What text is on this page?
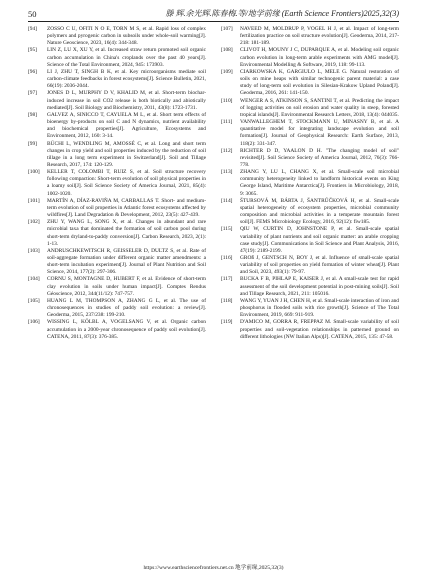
50	滕 辉.余光辉.陈春梅.等/地学前缘 (Earth Science Frontiers)2025,32(3)
[94] ZOSSO C U, OFITI N O E, TORN M S, et al. Rapid loss of complex polymers and pyrogenic carbon in subsoils under whole-soil warming[J]. Nature Geoscience, 2023, 16(4): 344-348.
[95] LIN Z, LU X, XU Y, et al. Increased straw return promoted soil organic carbon accumulation in China's croplands over the past 40 years[J]. Science of the Total Environment, 2024, 945: 173903.
[96] LI J, ZHU T, SINGH B K, et al. Key microorganisms mediate soil carbon-climate feedbacks in forest ecosystems[J]. Science Bulletin, 2021, 66(19): 2036-2044.
[97] JONES D L, MURPHY D V, KHALID M, et al. Short-term biochar-induced increase in soil CO2 release is both biotically and abiotically mediated[J]. Soil Biology and Biochemistry, 2011, 43(8): 1723-1731.
[98] GALVEZ A, SINICCO T, CAYUELA M L, et al. Short term effects of bioenergy by-products on soil C and N dynamics, nutrient availability and biochemical properties[J]. Agriculture, Ecosystems and Environment, 2012, 160: 3-14.
[99] BÜCHI L, WENDLING M, AMOSSÉ C, et al. Long and short term changes in crop yield and soil properties induced by the reduction of soil tillage in a long term experiment in Switzerland[J]. Soil and Tillage Research, 2017, 174: 120-129.
[100] KELLER T, COLOMBI T, RUIZ S, et al. Soil structure recovery following compaction: Short-term evolution of soil physical properties in a loamy soil[J]. Soil Science Society of America Journal, 2021, 85(4): 1002-1020.
[101] MARTÍN A, DÍAZ-RAVIÑA M, CARBALLAS T. Short- and medium-term evolution of soil properties in Atlantic forest ecosystems affected by wildfires[J]. Land Degradation & Development, 2012, 23(5): 427-439.
[102] ZHU Y, WANG L, SONG X, et al. Changes in abundant and rare microbial taxa that dominated the formation of soil carbon pool during short-term dryland-to-paddy conversion[J]. Carbon Research, 2023, 2(1): 1-13.
[103] ANDRUSCHKEWITSCH R, GEISSELER D, DULTZ S, et al. Rate of soil-aggregate formation under different organic matter amendments: a short-term incubation experiment[J]. Journal of Plant Nutrition and Soil Science, 2014, 177(2): 297-306.
[104] CORNU S, MONTAGNE D, HUBERT F, et al. Evidence of short-term clay evolution in soils under human impact[J]. Comptes Rendus Géoscience, 2012, 344(11/12): 747-757.
[105] HUANG L M, THOMPSON A, ZHANG G L, et al. The use of chronosequences in studies of paddy soil evolution: a review[J]. Geoderma, 2015, 237/238: 199-210.
[106] WISSING L, KÖLBL A, VOGELSANG V, et al. Organic carbon accumulation in a 2000-year chronosequence of paddy soil evolution[J]. CATENA, 2011, 87(3): 376-385.
[107] NAVEED M, MOLDRUP P, VOGEL H J, et al. Impact of long-term fertilization practice on soil structure evolution[J]. Geoderma, 2014, 217-218: 181-189.
[108] CLIVOT H, MOUNY J C, DUPARQUE A, et al. Modeling soil organic carbon evolution in long-term arable experiments with AMG model[J]. Environmental Modelling & Software, 2019, 118: 99-113.
[109] CIARKOWSKA K, GARGIULO L, MELE G. Natural restoration of soils on mine heaps with similar technogenic parent material: a case study of long-term soil evolution in Silesian-Krakow Upland Poland[J]. Geoderma, 2016, 261: 141-150.
[110] WENGER A S, ATKINSON S, SANTINI T, et al. Predicting the impact of logging activities on soil erosion and water quality in steep, forested tropical islands[J]. Environmental Research Letters, 2018, 13(4): 044035.
[111] VANWALLEGHEM T, STOCKMANN U, MINASNY B, et al. A quantitative model for integrating landscape evolution and soil formation[J]. Journal of Geophysical Research: Earth Surface, 2013, 118(2): 331-347.
[112] RICHTER D D, YAALON D H. "The changing model of soil" revisited[J]. Soil Science Society of America Journal, 2012, 76(3): 766-778.
[113] ZHANG Y, LU L, CHANG X, et al. Small-scale soil microbial community heterogeneity linked to landform historical events on King George Island, Maritime Antarctica[J]. Frontiers in Microbiology, 2018, 9: 3065.
[114] ŠTURSOVÁ M, BÁRTA J, ŠANTRŮČKOVÁ H, et al. Small-scale spatial heterogeneity of ecosystem properties, microbial community composition and microbial activities in a temperate mountain forest soil[J]. FEMS Microbiology Ecology, 2016, 92(12): fiw185.
[115] QIU W, CURTIN D, JOHNSTONE P, et al. Small-scale spatial variability of plant nutrients and soil organic matter: an arable cropping case study[J]. Communications in Soil Science and Plant Analysis, 2016, 47(19): 2189-2199.
[116] GROß J, GENTSCH N, BOY J, et al. Influence of small-scale spatial variability of soil properties on yield formation of winter wheat[J]. Plant and Soil, 2023, 493(1): 79-97.
[117] BUCKA F B, PIHLAP E, KAISER J, et al. A small-scale test for rapid assessment of the soil development potential in post-mining soils[J]. Soil and Tillage Research, 2021, 211: 105016.
[118] WANG Y, YUAN J H, CHEN H, et al. Small-scale interaction of iron and phosphorus in flooded soils with rice growth[J]. Science of The Total Environment, 2019, 669: 911-919.
[119] D'AMICO M, GORRA R, FREPPAZ M. Small-scale variability of soil properties and soil-vegetation relationships in patterned ground on different lithologies (NW Italian Alps)[J]. CATENA, 2015, 135: 47-58.
https://www.earthsciencefrontiers.net.cn 地学前缘,2025,32(3)
